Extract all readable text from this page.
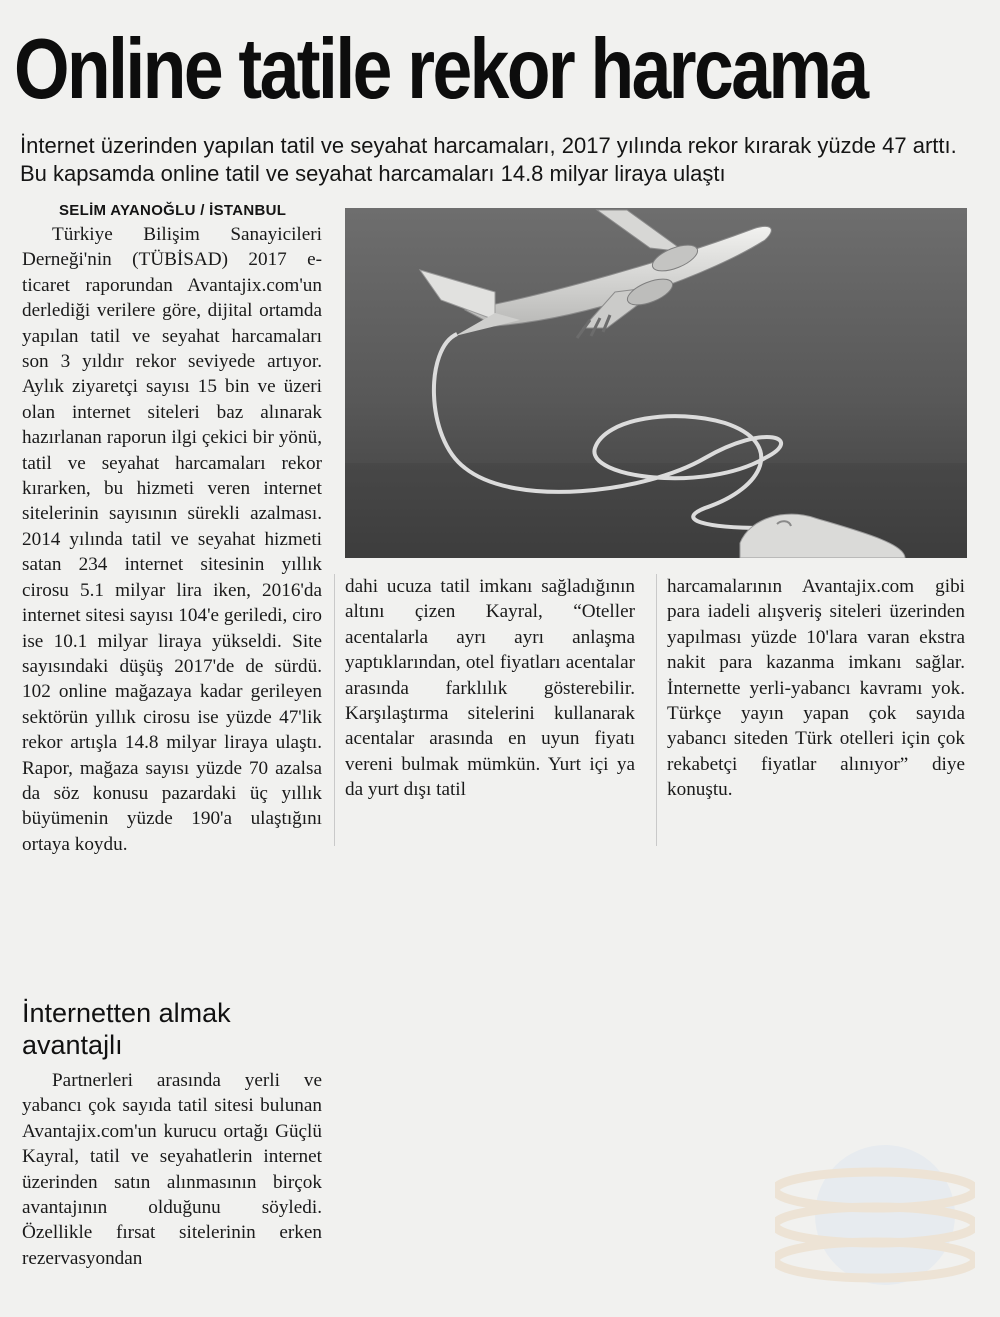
Online tatile rekor harcama
İnternet üzerinden yapılan tatil ve seyahat harcamaları, 2017 yılında rekor kırarak yüzde 47 arttı. Bu kapsamda online tatil ve seyahat harcamaları 14.8 milyar liraya ulaştı
SELİM AYANOĞLU / İSTANBUL

Türkiye Bilişim Sanayicileri Derneği'nin (TÜBİSAD) 2017 e-ticaret raporundan Avantajix.com'un derlediği verilere göre, dijital ortamda yapılan tatil ve seyahat harcamaları son 3 yıldır rekor seviyede artıyor. Aylık ziyaretçi sayısı 15 bin ve üzeri olan internet siteleri baz alınarak hazırlanan raporun ilgi çekici bir yönü, tatil ve seyahat harcamaları rekor kırarken, bu hizmeti veren internet sitelerinin sayısının sürekli azalması. 2014 yılında tatil ve seyahat hizmeti satan 234 internet sitesinin yıllık cirosu 5.1 milyar lira iken, 2016'da internet sitesi sayısı 104'e geriledi, ciro ise 10.1 milyar liraya yükseldi. Site sayısındaki düşüş 2017'de de sürdü. 102 online mağazaya kadar gerileyen sektörün yıllık cirosu ise yüzde 47'lik rekor artışla 14.8 milyar liraya ulaştı. Rapor, mağaza sayısı yüzde 70 azalsa da söz konusu pazardaki üç yıllık büyümenin yüzde 190'a ulaştığını ortaya koydu.

İnternetten almak avantajlı

Partnerleri arasında yerli ve yabancı çok sayıda tatil sitesi bulunan Avantajix.com'un kurucu ortağı Güçlü Kayral, tatil ve seyahatlerin internet üzerinden satın alınmasının birçok avantajının olduğunu söyledi. Özellikle fırsat sitelerinin erken rezervasyondan

dahi ucuza tatil imkanı sağladığının altını çizen Kayral, “Oteller acentalarla ayrı ayrı anlaşma yaptıklarından, otel fiyatları acentalar arasında farklılık gösterebilir. Karşılaştırma sitelerini kullanarak acentalar arasında en uyun fiyatı vereni bulmak mümkün. Yurt içi ya da yurt dışı tatil

harcamalarının Avantajix.com gibi para iadeli alışveriş siteleri üzerinden yapılması yüzde 10'lara varan ekstra nakit para kazanma imkanı sağlar. İnternette yerli-yabancı kavramı yok. Türkçe yayın yapan çok sayıda yabancı siteden Türk otelleri için çok rekabetçi fiyatlar alınıyor” diye konuştu.
